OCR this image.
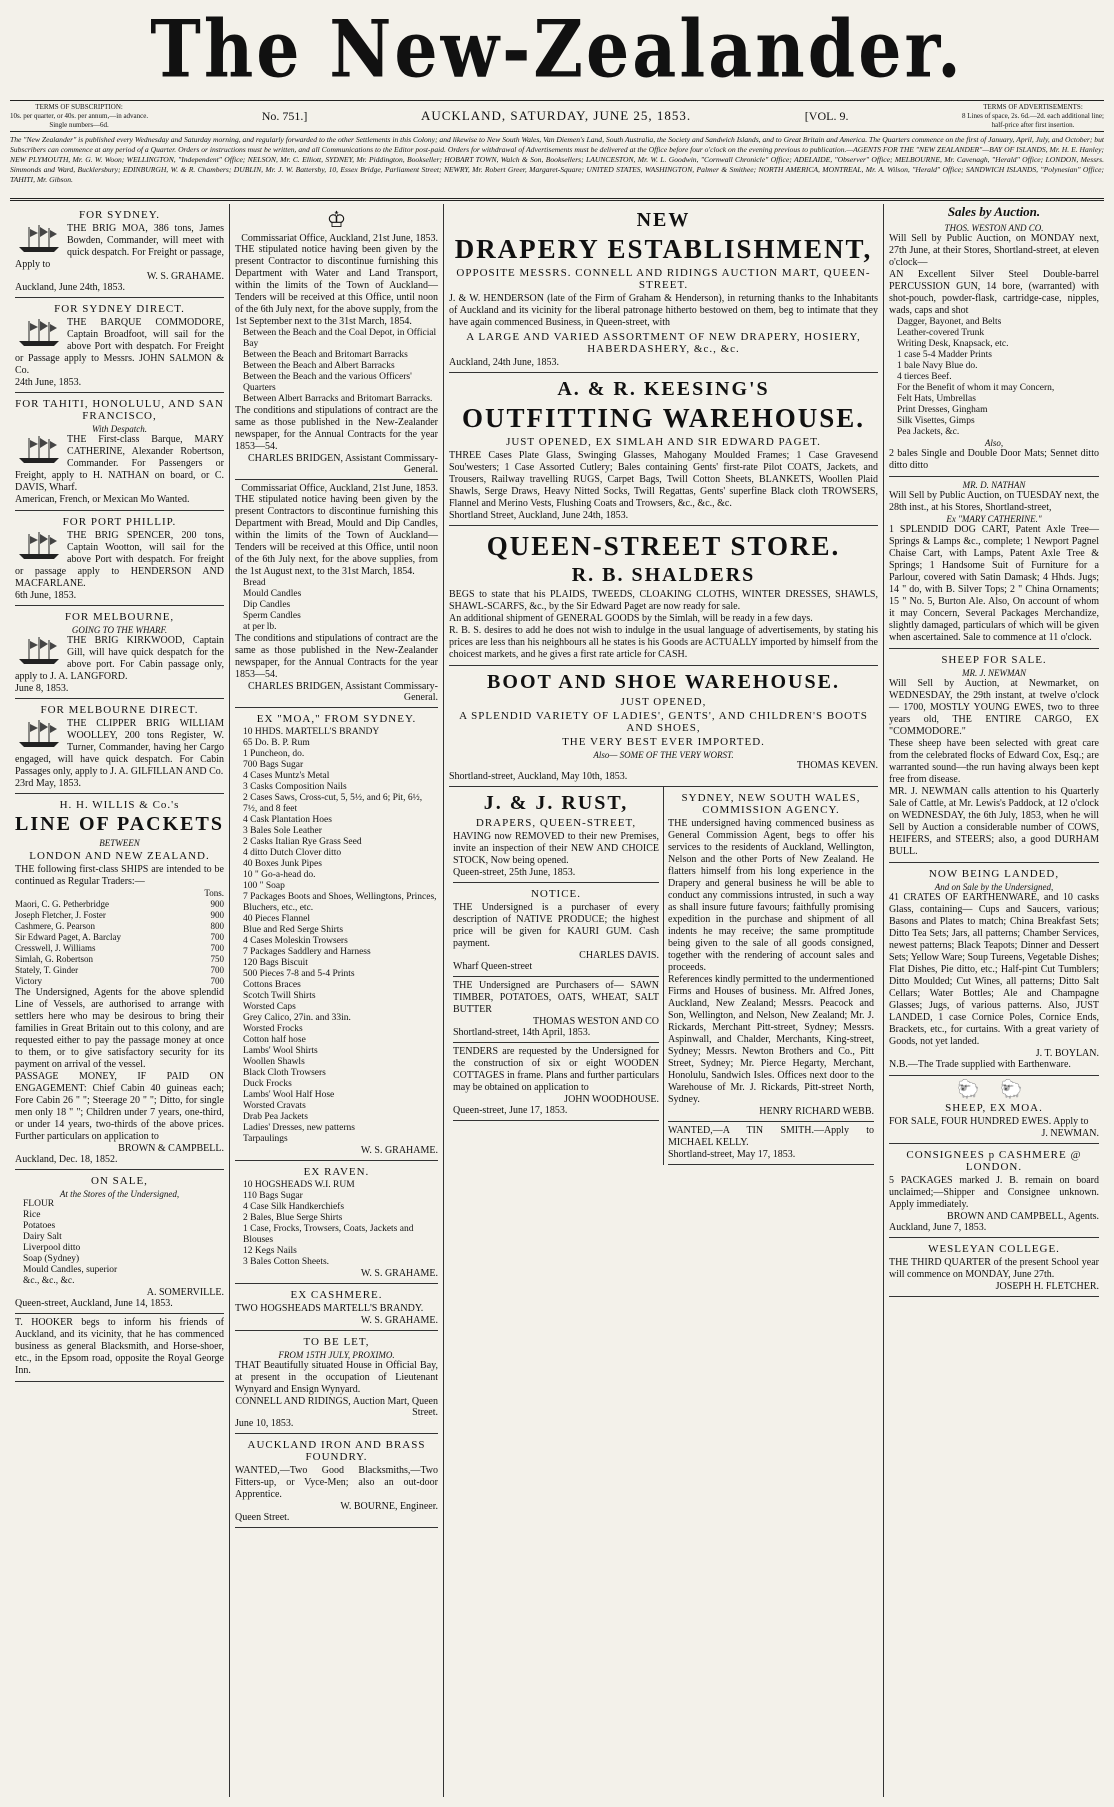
The New-Zealander.
TERMS OF SUBSCRIPTION:
10s. per quarter, or 40s. per annum,—in advance.
Single numbers—6d.
No. 751.]	AUCKLAND, SATURDAY, JUNE 25, 1853.	[VOL. 9.
TERMS OF ADVERTISEMENTS:
8 Lines of space, 2s. 6d.—2d. each additional line;
half-price after first insertion.
The "New Zealander" is published every Wednesday and Saturday morning, and regularly forwarded to the other Settlements in this Colony; and likewise to New South Wales, Van Diemen's Land, South Australia, the Society and Sandwich Islands, and to Great Britain and America. The Quarters commence on the first of January, April, July, and October; but Subscribers can commence at any period of a Quarter. Orders or instructions must be written, and all Communications to the Editor post-paid. Orders for withdrawal of Advertisements must be delivered at the Office before four o'clock on the evening previous to publication.—AGENTS FOR THE "NEW ZEALANDER"—BAY OF ISLANDS, Mr. H. E. Hanley; NEW PLYMOUTH, Mr. G. W. Woon; WELLINGTON, "Independent" Office; NELSON, Mr. C. Elliott, SYDNEY, Mr. Piddington, Bookseller; HOBART TOWN, Walch & Son, Booksellers; LAUNCESTON, Mr. W. L. Goodwin, "Cornwall Chronicle" Office; ADELAIDE, "Observer" Office; MELBOURNE, Mr. Cavenagh, "Herald" Office; LONDON, Messrs. Simmonds and Ward, Bucklersbury; EDINBURGH, W. & R. Chambers; DUBLIN, Mr. J. W. Battersby, 10, Essex Bridge, Parliament Street; NEWRY, Mr. Robert Greer, Margaret-Square; UNITED STATES, WASHINGTON, Palmer & Smithee; NORTH AMERICA, MONTREAL, Mr. A. Wilson, "Herald" Office; SANDWICH ISLANDS, "Polynesian" Office; TAHITI, Mr. Gibson.
FOR SYDNEY.
THE BRIG MOA, 386 tons, James Bowden, Commander, will meet with quick despatch. For Freight or passage, Apply to
W. S. GRAHAME.
Auckland, June 24th, 1853.
FOR SYDNEY DIRECT.
THE BARQUE COMMODORE, Captain Broadfoot, will sail for the above Port with despatch. For Freight or Passage apply to Messrs. JOHN SALMON & Co.
24th June, 1853.
FOR TAHITI, HONOLULU, AND SAN FRANCISCO,
With Despatch.
THE First-class Barque, MARY CATHERINE, Alexander Robertson, Commander. For Passengers or Freight, apply to H. NATHAN on board, or C. DAVIS, Wharf.
American, French, or Mexican Mo Wanted.
FOR PORT PHILLIP.
THE BRIG SPENCER, 200 tons, Captain Wootton, will sail for the above Port with despatch. For freight or passage apply to HENDERSON AND MACFARLANE.
6th June, 1853.
FOR MELBOURNE,
GOING TO THE WHARF.
THE BRIG KIRKWOOD, Captain Gill, will have quick despatch for the above port. For Cabin passage only, apply to J. A. LANGFORD.
June 8, 1853.
FOR MELBOURNE DIRECT.
THE CLIPPER BRIG WILLIAM WOOLLEY, 200 tons Register, W. Turner, Commander, having her Cargo engaged, will have quick despatch. For Cabin Passages only, apply to J. A. GILFILLAN AND Co.
23rd May, 1853.
H. H. WILLIS & Co.'s
LINE OF PACKETS
BETWEEN
LONDON AND NEW ZEALAND.
THE following first-class SHIPS are intended to be continued as Regular Traders:—
	Tons.
Maori, C. G. Petherbridge	900
Joseph Fletcher, J. Foster	900
Cashmere, G. Pearson	800
Sir Edward Paget, A. Barclay	700
Cresswell, J. Williams	700
Simlah, G. Robertson	750
Stately, T. Ginder	700
Victory	700
The Undersigned, Agents for the above splendid Line of Vessels, are authorised to arrange with settlers here who may be desirous to bring their families in Great Britain out to this colony, and are requested either to pay the passage money at once to them, or to give satisfactory security for its payment on arrival of the vessel.
PASSAGE MONEY, IF PAID ON ENGAGEMENT: Chief Cabin 40 guineas each; Fore Cabin 26 " "; Steerage 20 " "; Ditto, for single men only 18 " "; Children under 7 years, one-third, or under 14 years, two-thirds of the above prices. Further particulars on application to
BROWN & CAMPBELL.
Auckland, Dec. 18, 1852.
ON SALE,
At the Stores of the Undersigned,
FLOUR
Rice
Potatoes
Dairy Salt
Liverpool ditto
Soap (Sydney)
Mould Candles, superior
&c., &c., &c.
A. SOMERVILLE.
Queen-street, Auckland, June 14, 1853.
T. HOOKER begs to inform his friends of Auckland, and its vicinity, that he has commenced business as general Blacksmith, and Horse-shoer, etc., in the Epsom road, opposite the Royal George Inn.
♔
Commissariat Office, Auckland, 21st June, 1853.
THE stipulated notice having been given by the present Contractor to discontinue furnishing this Department with Water and Land Transport, within the limits of the Town of Auckland—Tenders will be received at this Office, until noon of the 6th July next, for the above supply, from the 1st September next to the 31st March, 1854.
Between the Beach and the Coal Depot, in Official Bay
Between the Beach and Britomart Barracks
Between the Beach and Albert Barracks
Between the Beach and the various Officers' Quarters
Between Albert Barracks and Britomart Barracks.
The conditions and stipulations of contract are the same as those published in the New-Zealander newspaper, for the Annual Contracts for the year 1853—54.
CHARLES BRIDGEN, Assistant Commissary-General.
Commissariat Office, Auckland, 21st June, 1853.
THE stipulated notice having been given by the present Contractors to discontinue furnishing this Department with Bread, Mould and Dip Candles, within the limits of the Town of Auckland—Tenders will be received at this Office, until noon of the 6th July next, for the above supplies, from the 1st August next, to the 31st March, 1854.
Bread
Mould Candles
Dip Candles
Sperm Candles
at per lb.
The conditions and stipulations of contract are the same as those published in the New-Zealander newspaper, for the Annual Contracts for the year 1853—54.
CHARLES BRIDGEN, Assistant Commissary-General.
EX "MOA," FROM SYDNEY.
10 HHDS. MARTELL'S BRANDY
65 Do. B. P. Rum
1 Puncheon, do.
700 Bags Sugar
4 Cases Muntz's Metal
3 Casks Composition Nails
2 Cases Saws, Cross-cut, 5, 5½, and 6; Pit, 6½, 7½, and 8 feet
4 Cask Plantation Hoes
3 Bales Sole Leather
2 Casks Italian Rye Grass Seed
4 ditto Dutch Clover ditto
40 Boxes Junk Pipes
10 " Go-a-head do.
100 " Soap
7 Packages Boots and Shoes, Wellingtons, Princes, Bluchers, etc., etc.
40 Pieces Flannel
Blue and Red Serge Shirts
4 Cases Moleskin Trowsers
7 Packages Saddlery and Harness
120 Bags Biscuit
500 Pieces 7-8 and 5-4 Prints
Cottons Braces
Scotch Twill Shirts
Worsted Caps
Grey Calico, 27in. and 33in.
Worsted Frocks
Cotton half hose
Lambs' Wool Shirts
Woollen Shawls
Black Cloth Trowsers
Duck Frocks
Lambs' Wool Half Hose
Worsted Cravats
Drab Pea Jackets
Ladies' Dresses, new patterns
Tarpaulings
W. S. GRAHAME.
EX RAVEN.
10 HOGSHEADS W.I. RUM
110 Bags Sugar
4 Case Silk Handkerchiefs
2 Bales, Blue Serge Shirts
1 Case, Frocks, Trowsers, Coats, Jackets and Blouses
12 Kegs Nails
3 Bales Cotton Sheets.
W. S. GRAHAME.
EX CASHMERE.
TWO HOGSHEADS MARTELL'S BRANDY.
W. S. GRAHAME.
TO BE LET,
FROM 15TH JULY, PROXIMO.
THAT Beautifully situated House in Official Bay, at present in the occupation of Lieutenant Wynyard and Ensign Wynyard.
CONNELL AND RIDINGS, Auction Mart, Queen Street.
June 10, 1853.
AUCKLAND IRON AND BRASS FOUNDRY.
WANTED,—Two Good Blacksmiths,—Two Fitters-up, or Vyce-Men; also an out-door Apprentice.
W. BOURNE, Engineer.
Queen Street.
NEW
DRAPERY ESTABLISHMENT,
OPPOSITE MESSRS. CONNELL AND RIDINGS AUCTION MART, QUEEN-STREET.
J. & W. HENDERSON (late of the Firm of Graham & Henderson), in returning thanks to the Inhabitants of Auckland and its vicinity for the liberal patronage hitherto bestowed on them, beg to intimate that they have again commenced Business, in Queen-street, with
A LARGE AND VARIED ASSORTMENT OF NEW DRAPERY, HOSIERY, HABERDASHERY, &c., &c.
Auckland, 24th June, 1853.
A. & R. KEESING'S
OUTFITTING WAREHOUSE.
JUST OPENED, EX SIMLAH AND SIR EDWARD PAGET.
THREE Cases Plate Glass, Swinging Glasses, Mahogany Moulded Frames; 1 Case Gravesend Sou'westers; 1 Case Assorted Cutlery; Bales containing Gents' first-rate Pilot COATS, Jackets, and Trousers, Railway travelling RUGS, Carpet Bags, Twill Cotton Sheets, BLANKETS, Woollen Plaid Shawls, Serge Draws, Heavy Nitted Socks, Twill Regattas, Gents' superfine Black cloth TROWSERS, Flannel and Merino Vests, Flushing Coats and Trowsers, &c., &c., &c.
Shortland Street, Auckland, June 24th, 1853.
QUEEN-STREET STORE.
R. B. SHALDERS
BEGS to state that his PLAIDS, TWEEDS, CLOAKING CLOTHS, WINTER DRESSES, SHAWLS, SHAWL-SCARFS, &c., by the Sir Edward Paget are now ready for sale.
An additional shipment of GENERAL GOODS by the Simlah, will be ready in a few days.
R. B. S. desires to add he does not wish to indulge in the usual language of advertisements, by stating his prices are less than his neighbours all he states is his Goods are ACTUALLY imported by himself from the choicest markets, and he gives a first rate article for CASH.
BOOT AND SHOE WAREHOUSE.
JUST OPENED,
A SPLENDID VARIETY OF LADIES', GENTS', AND CHILDREN'S BOOTS AND SHOES,
THE VERY BEST EVER IMPORTED.
Also— SOME OF THE VERY WORST.
THOMAS KEVEN.
Shortland-street, Auckland, May 10th, 1853.
J. & J. RUST,
DRAPERS, QUEEN-STREET,
HAVING now REMOVED to their new Premises, invite an inspection of their NEW AND CHOICE STOCK, Now being opened.
Queen-street, 25th June, 1853.
NOTICE.
THE Undersigned is a purchaser of every description of NATIVE PRODUCE; the highest price will be given for KAURI GUM. Cash payment.
CHARLES DAVIS.
Wharf Queen-street
THE Undersigned are Purchasers of— SAWN TIMBER, POTATOES, OATS, WHEAT, SALT BUTTER
THOMAS WESTON AND CO
Shortland-street, 14th April, 1853.
TENDERS are requested by the Undersigned for the construction of six or eight WOODEN COTTAGES in frame. Plans and further particulars may be obtained on application to
JOHN WOODHOUSE.
Queen-street, June 17, 1853.
SYDNEY, NEW SOUTH WALES, COMMISSION AGENCY.
THE undersigned having commenced business as General Commission Agent, begs to offer his services to the residents of Auckland, Wellington, Nelson and the other Ports of New Zealand. He flatters himself from his long experience in the Drapery and general business he will be able to conduct any commissions intrusted, in such a way as shall insure future favours; faithfully promising expedition in the purchase and shipment of all indents he may receive; the same promptitude being given to the sale of all goods consigned, together with the rendering of account sales and proceeds.
References kindly permitted to the undermentioned Firms and Houses of business. Mr. Alfred Jones, Auckland, New Zealand; Messrs. Peacock and Son, Wellington, and Nelson, New Zealand; Mr. J. Rickards, Merchant Pitt-street, Sydney; Messrs. Aspinwall, and Chalder, Merchants, King-street, Sydney; Messrs. Newton Brothers and Co., Pitt Street, Sydney; Mr. Pierce Hegarty, Merchant, Honolulu, Sandwich Isles. Offices next door to the Warehouse of Mr. J. Rickards, Pitt-street North, Sydney.
HENRY RICHARD WEBB.
WANTED,—A TIN SMITH.—Apply to MICHAEL KELLY.
Shortland-street, May 17, 1853.
Sales by Auction.
THOS. WESTON AND CO.
Will Sell by Public Auction, on MONDAY next, 27th June, at their Stores, Shortland-street, at eleven o'clock—
AN Excellent Silver Steel Double-barrel PERCUSSION GUN, 14 bore, (warranted) with shot-pouch, powder-flask, cartridge-case, nipples, wads, caps and shot
Dagger, Bayonet, and Belts
Leather-covered Trunk
Writing Desk, Knapsack, etc.
1 case 5-4 Madder Prints
1 bale Navy Blue do.
4 tierces Beef.
For the Benefit of whom it may Concern,
Felt Hats, Umbrellas
Print Dresses, Gingham
Silk Visettes, Gimps
Pea Jackets, &c.
Also,
2 bales Single and Double Door Mats; Sennet ditto ditto ditto
MR. D. NATHAN
Will Sell by Public Auction, on TUESDAY next, the 28th inst., at his Stores, Shortland-street,
Ex "MARY CATHERINE."
1 SPLENDID DOG CART, Patent Axle Tree—Springs & Lamps &c., complete; 1 Newport Pagnel Chaise Cart, with Lamps, Patent Axle Tree & Springs; 1 Handsome Suit of Furniture for a Parlour, covered with Satin Damask; 4 Hhds. Jugs; 14 " do, with B. Silver Tops; 2 " China Ornaments; 15 " No. 5, Burton Ale. Also, On account of whom it may Concern, Several Packages Merchandize, slightly damaged, particulars of which will be given when ascertained. Sale to commence at 11 o'clock.
SHEEP FOR SALE.
MR. J. NEWMAN
Will Sell by Auction, at Newmarket, on WEDNESDAY, the 29th instant, at twelve o'clock— 1700, MOSTLY YOUNG EWES, two to three years old, THE ENTIRE CARGO, EX "COMMODORE."
These sheep have been selected with great care from the celebrated flocks of Edward Cox, Esq.; are warranted sound—the run having always been kept free from disease.
MR. J. NEWMAN calls attention to his Quarterly Sale of Cattle, at Mr. Lewis's Paddock, at 12 o'clock on WEDNESDAY, the 6th July, 1853, when he will Sell by Auction a considerable number of COWS, HEIFERS, and STEERS; also, a good DURHAM BULL.
NOW BEING LANDED,
And on Sale by the Undersigned,
41 CRATES OF EARTHENWARE, and 10 casks Glass, containing— Cups and Saucers, various; Basons and Plates to match; China Breakfast Sets; Ditto Tea Sets; Jars, all patterns; Chamber Services, newest patterns; Black Teapots; Dinner and Dessert Sets; Yellow Ware; Soup Tureens, Vegetable Dishes; Flat Dishes, Pie ditto, etc.; Half-pint Cut Tumblers; Ditto Moulded; Cut Wines, all patterns; Ditto Salt Cellars; Water Bottles; Ale and Champagne Glasses; Jugs, of various patterns. Also, JUST LANDED, 1 case Cornice Poles, Cornice Ends, Brackets, etc., for curtains. With a great variety of Goods, not yet landed.
J. T. BOYLAN.
N.B.—The Trade supplied with Earthenware.
🐑 🐑
SHEEP, EX MOA.
FOR SALE, FOUR HUNDRED EWES. Apply to
J. NEWMAN.
CONSIGNEES p CASHMERE @ LONDON.
5 PACKAGES marked J. B. remain on board unclaimed;—Shipper and Consignee unknown. Apply immediately.
BROWN AND CAMPBELL, Agents.
Auckland, June 7, 1853.
WESLEYAN COLLEGE.
THE THIRD QUARTER of the present School year will commence on MONDAY, June 27th.
JOSEPH H. FLETCHER.
